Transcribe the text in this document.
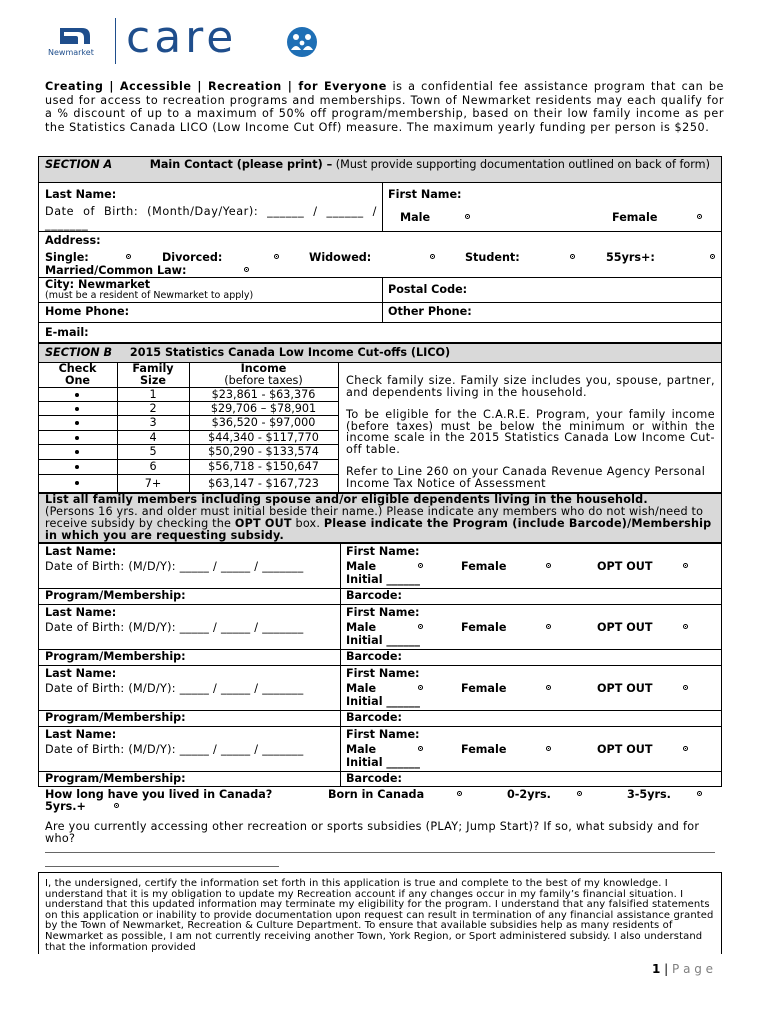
Newmarket care
Creating | Accessible | Recreation | for Everyone is a confidential fee assistance program that can be used for access to recreation programs and memberships. Town of Newmarket residents may each qualify for a % discount of up to a maximum of 50% off program/membership, based on their low family income as per the Statistics Canada LICO (Low Income Cut Off) measure. The maximum yearly funding per person is $250.
SECTION A	Main Contact (please print) – (Must provide supporting documentation outlined on back of form)
Last Name:	First Name:
Date of Birth: (Month/Day/Year): ______ / ______ / _______
Male	Female
Address:
Single:	Divorced:	Widowed:	Student:	55yrs+:
Married/Common Law:
City: Newmarket
(must be a resident of Newmarket to apply)	Postal Code:
Home Phone:	Other Phone:
E-mail:
SECTION B 2015 Statistics Canada Low Income Cut-offs (LICO)
Check
One
Family
Size
Income
(before taxes)
1	$23,861 - $63,376
2	$29,706 – $78,901
3	$36,520 - $97,000
4	$44,340 - $117,770
5	$50,290 - $133,574
6	$56,718 - $150,647
7+	$63,147 - $167,723
Check family size. Family size includes you, spouse, partner, and dependents living in the household.
To be eligible for the C.A.R.E. Program, your family income (before taxes) must be below the minimum or within the income scale in the 2015 Statistics Canada Low Income Cut-off table.
Refer to Line 260 on your Canada Revenue Agency Personal Income Tax Notice of Assessment
List all family members including spouse and/or eligible dependents living in the household.
(Persons 16 yrs. and older must initial beside their name.) Please indicate any members who do not wish/need to receive subsidy by checking the OPT OUT box. Please indicate the Program (include Barcode)/Membership in which you are requesting subsidy.
Last Name:	First Name:
Date of Birth: (M/D/Y): _____ / _____ / _______	Male	Female	OPT OUT
Initial ______
Program/Membership:	Barcode:
Last Name:	First Name:
Date of Birth: (M/D/Y): _____ / _____ / _______	Male	Female	OPT OUT
Initial ______
Program/Membership:	Barcode:
Last Name:	First Name:
Date of Birth: (M/D/Y): _____ / _____ / _______	Male	Female	OPT OUT
Initial ______
Program/Membership:	Barcode:
Last Name:	First Name:
Date of Birth: (M/D/Y): _____ / _____ / _______	Male	Female	OPT OUT
Initial ______
Program/Membership:	Barcode:
How long have you lived in Canada?	Born in Canada	0-2yrs.	3-5yrs.
5yrs.+
Are you currently accessing other recreation or sports subsidies (PLAY; Jump Start)? If so, what subsidy and for who?
I, the undersigned, certify the information set forth in this application is true and complete to the best of my knowledge. I understand that it is my obligation to update my Recreation account if any changes occur in my family’s financial situation. I understand that this updated information may terminate my eligibility for the program. I understand that any falsified statements on this application or inability to provide documentation upon request can result in termination of any financial assistance granted by the Town of Newmarket, Recreation & Culture Department. To ensure that available subsidies help as many residents of Newmarket as possible, I am not currently receiving another Town, York Region, or Sport administered subsidy. I also understand that the information provided
1 | P a g e
